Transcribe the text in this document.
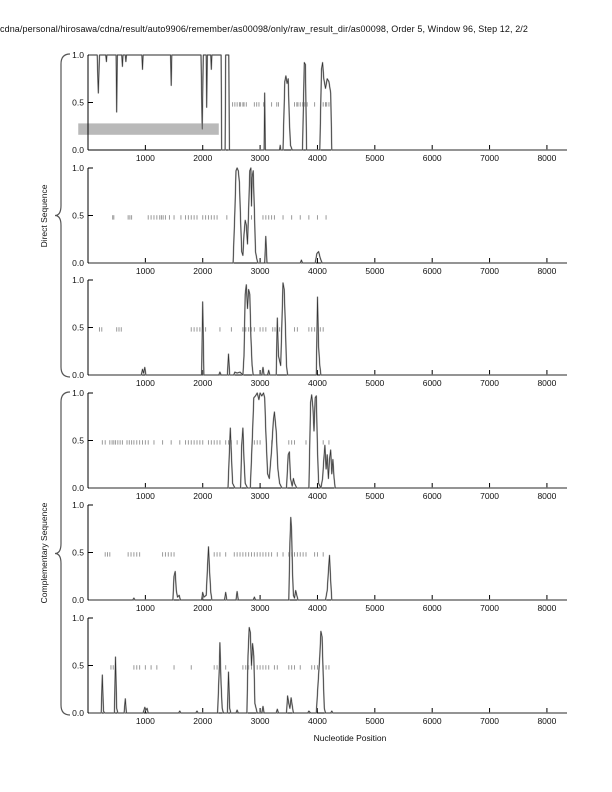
cdna/personal/hirosawa/cdna/result/auto9906/remember/as00098/only/raw_result_dir/as00098, Order 5, Window 96, Step 12, 2/2
Direct Sequence
Complementary Sequence
1.0
0.5
0.0
1000	2000	3000	4000	5000	6000	7000	8000
1.0
0.5
0.0
1000	2000	3000	4000	5000	6000	7000	8000
1.0
0.5
0.0
1000	2000	3000	4000	5000	6000	7000	8000
1.0
0.5
0.0
1000	2000	3000	4000	5000	6000	7000	8000
1.0
0.5
0.0
1000	2000	3000	4000	5000	6000	7000	8000
1.0
0.5
0.0
1000	2000	3000	4000	5000	6000	7000	8000
Nucleotide Position
